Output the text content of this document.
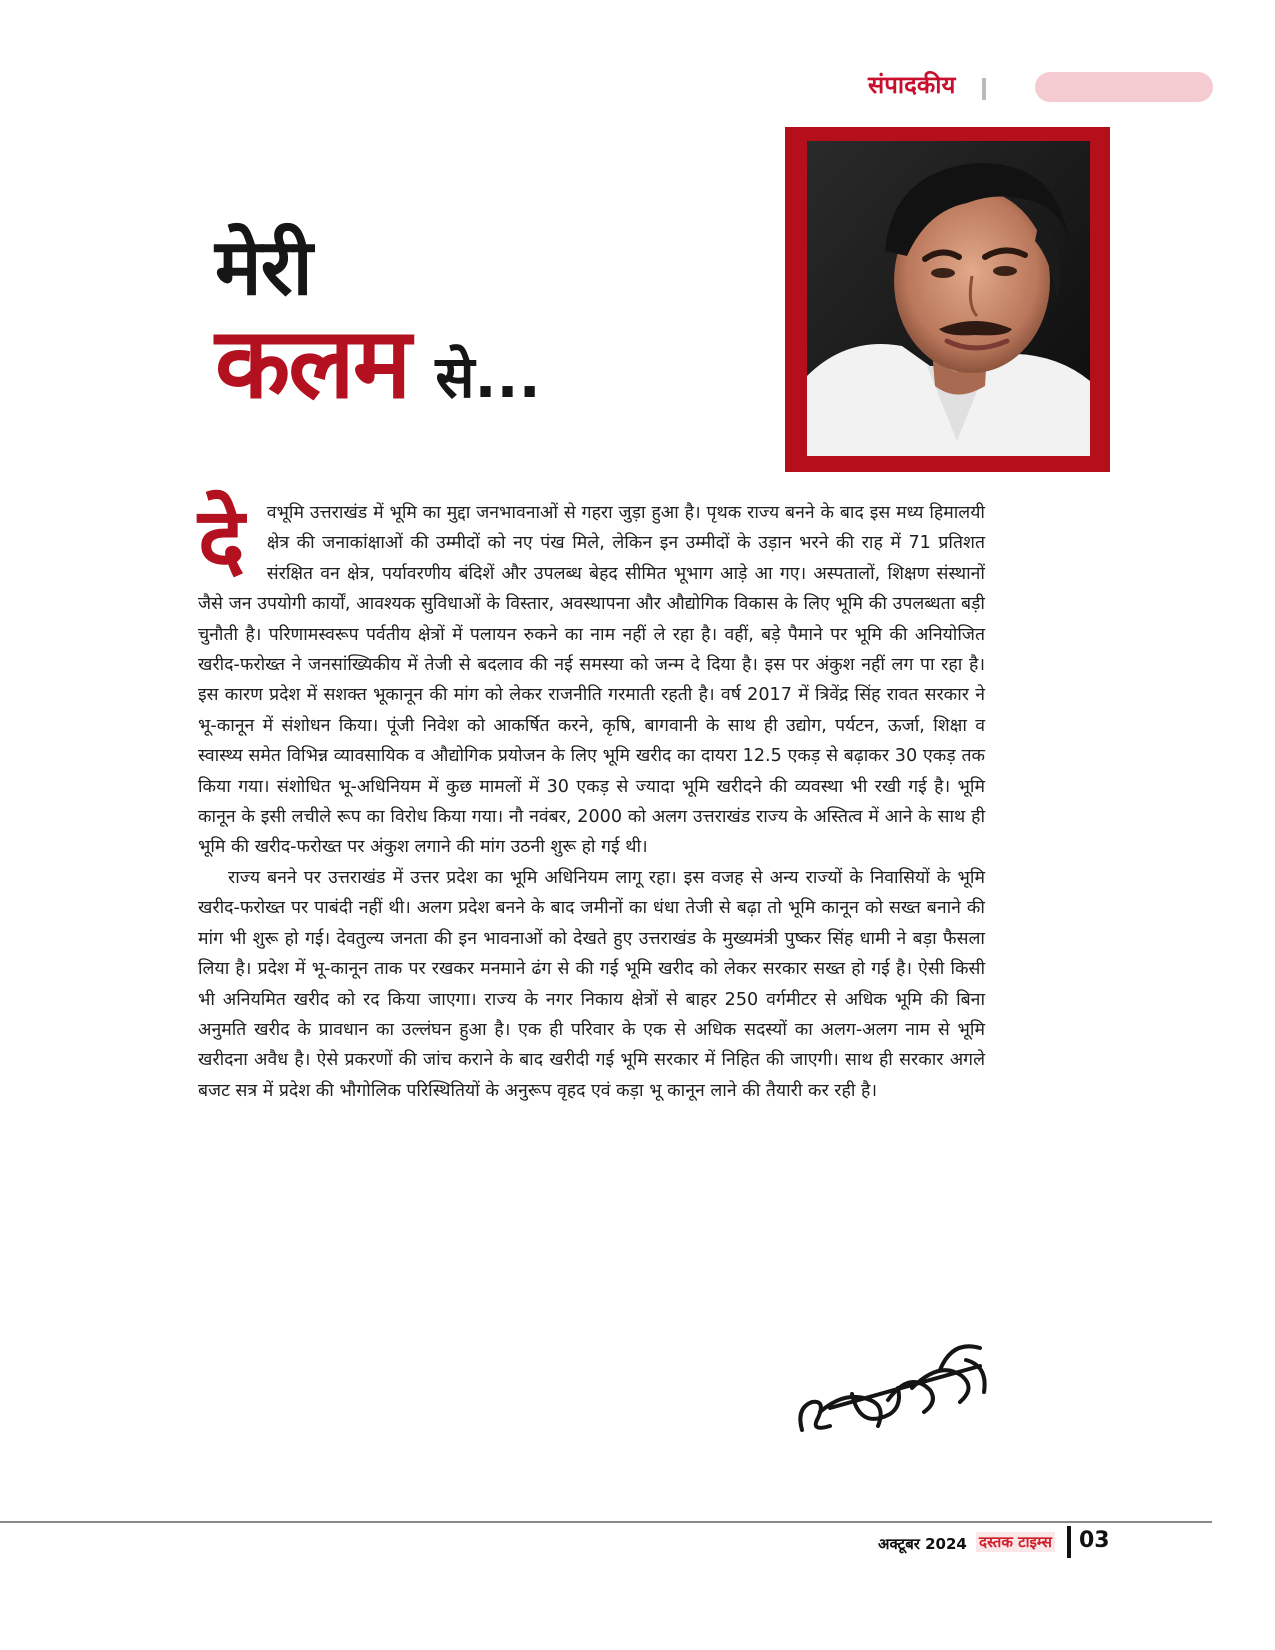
संपादकीय
मेरी
कलम से...
दे	वभूमि उत्तराखंड में भूमि का मुद्दा जनभावनाओं से गहरा जुड़ा हुआ है। पृथक राज्य बनने के बाद इस मध्य हिमालयी क्षेत्र की जनाकांक्षाओं की उम्मीदों को नए पंख मिले, लेकिन इन उम्मीदों के उड़ान भरने की राह में 71 प्रतिशत संरक्षित वन क्षेत्र, पर्यावरणीय बंदिशें और उपलब्ध बेहद सीमित भूभाग आड़े आ गए। अस्पतालों, शिक्षण संस्थानों जैसे जन उपयोगी कार्यों, आवश्यक सुविधाओं के विस्तार, अवस्थापना और औद्योगिक विकास के लिए भूमि की उपलब्धता बड़ी चुनौती है। परिणामस्वरूप पर्वतीय क्षेत्रों में पलायन रुकने का नाम नहीं ले रहा है। वहीं, बड़े पैमाने पर भूमि की अनियोजित खरीद-फरोख्त ने जनसांख्यिकीय में तेजी से बदलाव की नई समस्या को जन्म दे दिया है। इस पर अंकुश नहीं लग पा रहा है। इस कारण प्रदेश में सशक्त भूकानून की मांग को लेकर राजनीति गरमाती रहती है। वर्ष 2017 में त्रिवेंद्र सिंह रावत सरकार ने भू-कानून में संशोधन किया। पूंजी निवेश को आकर्षित करने, कृषि, बागवानी के साथ ही उद्योग, पर्यटन, ऊर्जा, शिक्षा व स्वास्थ्य समेत विभिन्न व्यावसायिक व औद्योगिक प्रयोजन के लिए भूमि खरीद का दायरा 12.5 एकड़ से बढ़ाकर 30 एकड़ तक किया गया। संशोधित भू-अधिनियम में कुछ मामलों में 30 एकड़ से ज्यादा भूमि खरीदने की व्यवस्था भी रखी गई है। भूमि कानून के इसी लचीले रूप का विरोध किया गया। नौ नवंबर, 2000 को अलग उत्तराखंड राज्य के अस्तित्व में आने के साथ ही भूमि की खरीद-फरोख्त पर अंकुश लगाने की मांग उठनी शुरू हो गई थी।

राज्य बनने पर उत्तराखंड में उत्तर प्रदेश का भूमि अधिनियम लागू रहा। इस वजह से अन्य राज्यों के निवासियों के भूमि खरीद-फरोख्त पर पाबंदी नहीं थी। अलग प्रदेश बनने के बाद जमीनों का धंधा तेजी से बढ़ा तो भूमि कानून को सख्त बनाने की मांग भी शुरू हो गई। देवतुल्य जनता की इन भावनाओं को देखते हुए उत्तराखंड के मुख्यमंत्री पुष्कर सिंह धामी ने बड़ा फैसला लिया है। प्रदेश में भू-कानून ताक पर रखकर मनमाने ढंग से की गई भूमि खरीद को लेकर सरकार सख्त हो गई है। ऐसी किसी भी अनियमित खरीद को रद किया जाएगा। राज्य के नगर निकाय क्षेत्रों से बाहर 250 वर्गमीटर से अधिक भूमि की बिना अनुमति खरीद के प्रावधान का उल्लंघन हुआ है। एक ही परिवार के एक से अधिक सदस्यों का अलग-अलग नाम से भूमि खरीदना अवैध है। ऐसे प्रकरणों की जांच कराने के बाद खरीदी गई भूमि सरकार में निहित की जाएगी। साथ ही सरकार अगले बजट सत्र में प्रदेश की भौगोलिक परिस्थितियों के अनुरूप वृहद एवं कड़ा भू कानून लाने की तैयारी कर रही है।

अक्टूबर 2024 दस्तक टाइम्स 03
